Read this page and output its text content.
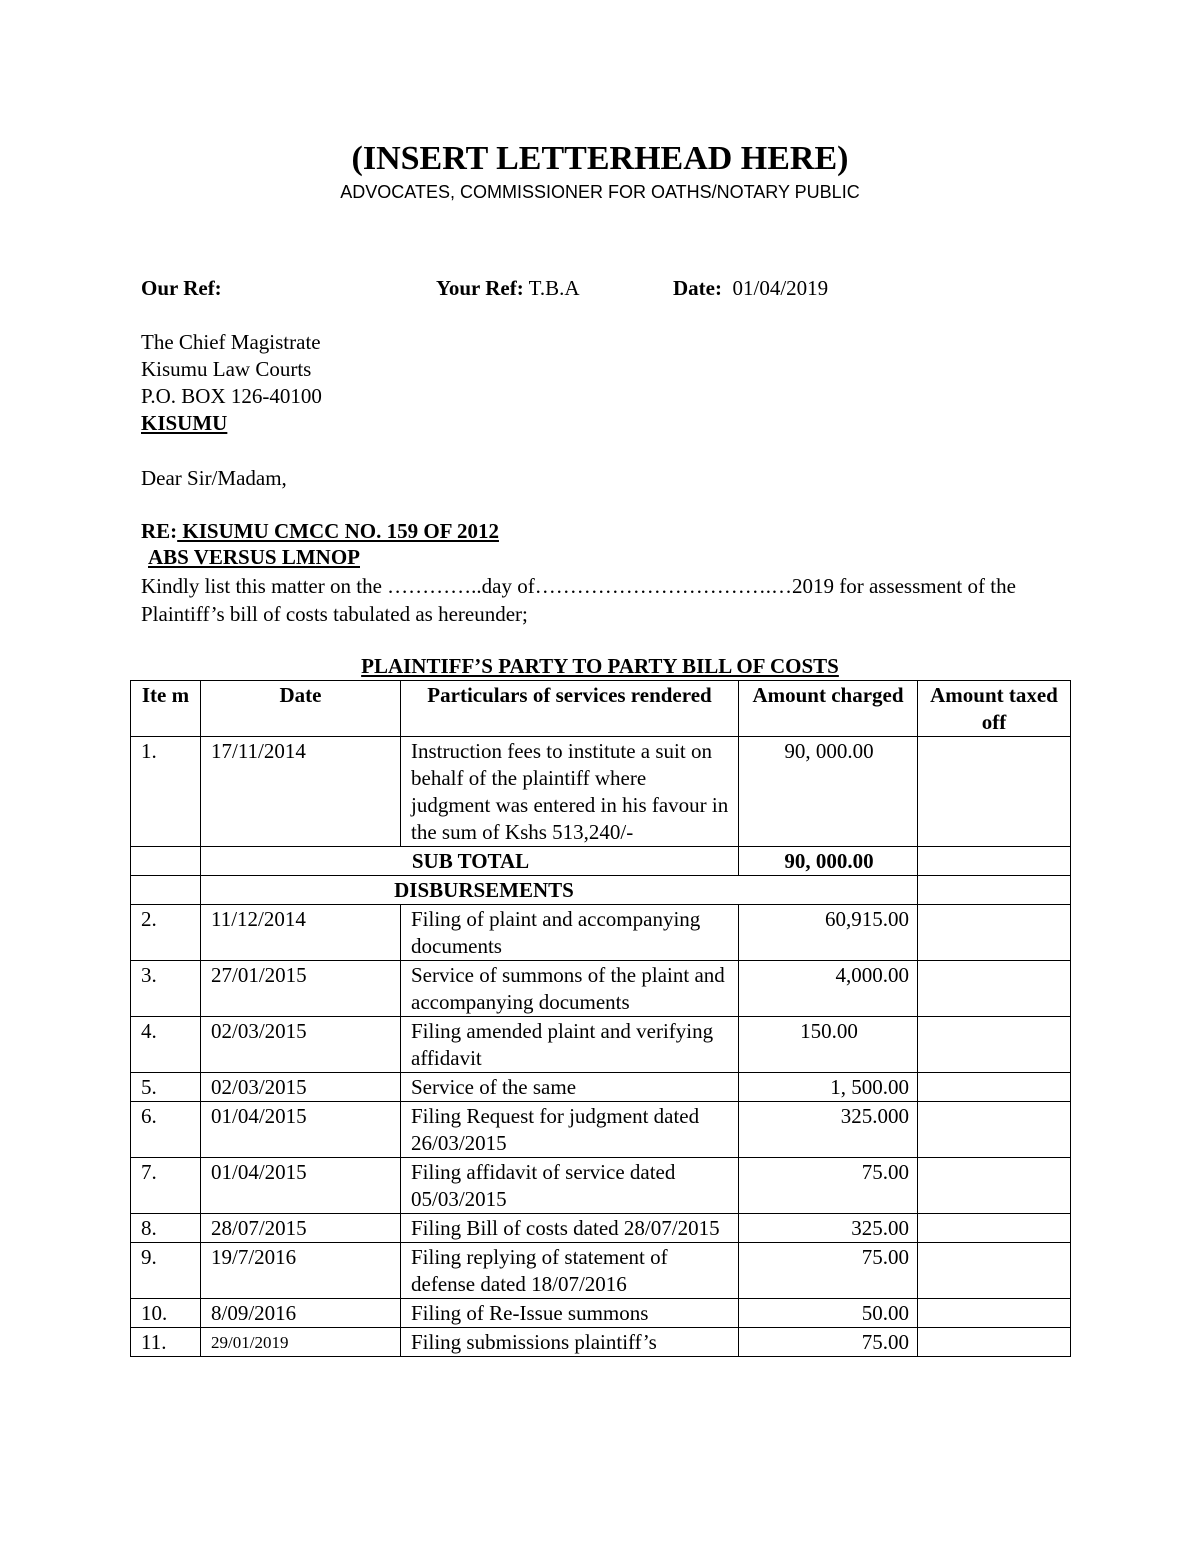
(INSERT LETTERHEAD HERE)
ADVOCATES, COMMISSIONER FOR OATHS/NOTARY PUBLIC
Our Ref:	Your Ref: T.B.A	Date: 01/04/2019
The Chief Magistrate
Kisumu Law Courts
P.O. BOX 126-40100
KISUMU
Dear Sir/Madam,
RE: KISUMU CMCC NO. 159 OF 2012
ABS VERSUS LMNOP
Kindly list this matter on the …………..day of…………………………….…2019 for assessment of the Plaintiff’s bill of costs tabulated as hereunder;
PLAINTIFF’S PARTY TO PARTY BILL OF COSTS
Ite m	Date	Particulars of services rendered	Amount charged	Amount taxed off
1.	17/11/2014	Instruction fees to institute a suit on behalf of the plaintiff where judgment was entered in his favour in the sum of Kshs 513,240/-	90, 000.00	
	SUB TOTAL		90, 000.00	
	DISBURSEMENTS			
2.	11/12/2014	Filing of plaint and accompanying documents	60,915.00	
3.	27/01/2015	Service of summons of the plaint and accompanying documents	4,000.00	
4.	02/03/2015	Filing amended plaint and verifying affidavit	150.00	
5.	02/03/2015	Service of the same	1, 500.00	
6.	01/04/2015	Filing Request for judgment dated 26/03/2015	325.000	
7.	01/04/2015	Filing affidavit of service dated 05/03/2015	75.00	
8.	28/07/2015	Filing Bill of costs dated 28/07/2015	325.00	
9.	19/7/2016	Filing replying of statement of defense dated 18/07/2016	75.00	
10.	8/09/2016	Filing of Re-Issue summons	50.00	
11.	29/01/2019	Filing submissions plaintiff’s	75.00	
